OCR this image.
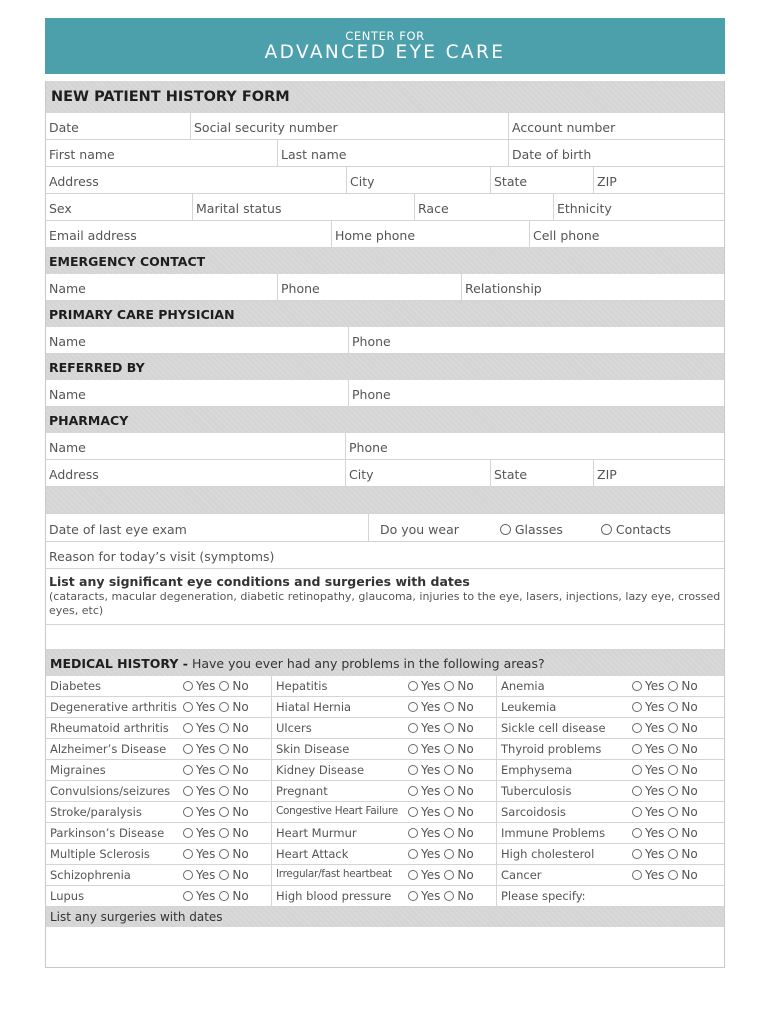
CENTER FOR
ADVANCED EYE CARE
NEW PATIENT HISTORY FORM
Date	Social security number	Account number
First name	Last name	Date of birth
Address	City	State	ZIP
Sex	Marital status	Race	Ethnicity
Email address	Home phone	Cell phone
EMERGENCY CONTACT
Name	Phone	Relationship
PRIMARY CARE PHYSICIAN
Name	Phone
REFERRED BY
Name	Phone
PHARMACY
Name	Phone
Address	City	State	ZIP
Date of last eye exam	Do you wear	Glasses	Contacts
Reason for today’s visit (symptoms)
List any significant eye conditions and surgeries with dates
(cataracts, macular degeneration, diabetic retinopathy, glaucoma, injuries to the eye, lasers, injections, lazy eye, crossed eyes, etc)
MEDICAL HISTORY - Have you ever had any problems in the following areas?
Diabetes	Yes No	Hepatitis	Yes No	Anemia	Yes No
Degenerative arthritis	Yes No	Hiatal Hernia	Yes No	Leukemia	Yes No
Rheumatoid arthritis	Yes No	Ulcers	Yes No	Sickle cell disease	Yes No
Alzheimer’s Disease	Yes No	Skin Disease	Yes No	Thyroid problems	Yes No
Migraines	Yes No	Kidney Disease	Yes No	Emphysema	Yes No
Convulsions/seizures	Yes No	Pregnant	Yes No	Tuberculosis	Yes No
Stroke/paralysis	Yes No	Congestive Heart Failure	Yes No	Sarcoidosis	Yes No
Parkinson’s Disease	Yes No	Heart Murmur	Yes No	Immune Problems	Yes No
Multiple Sclerosis	Yes No	Heart Attack	Yes No	High cholesterol	Yes No
Schizophrenia	Yes No	Irregular/fast heartbeat	Yes No	Cancer	Yes No
Lupus	Yes No	High blood pressure	Yes No	Please specify:
List any surgeries with dates
